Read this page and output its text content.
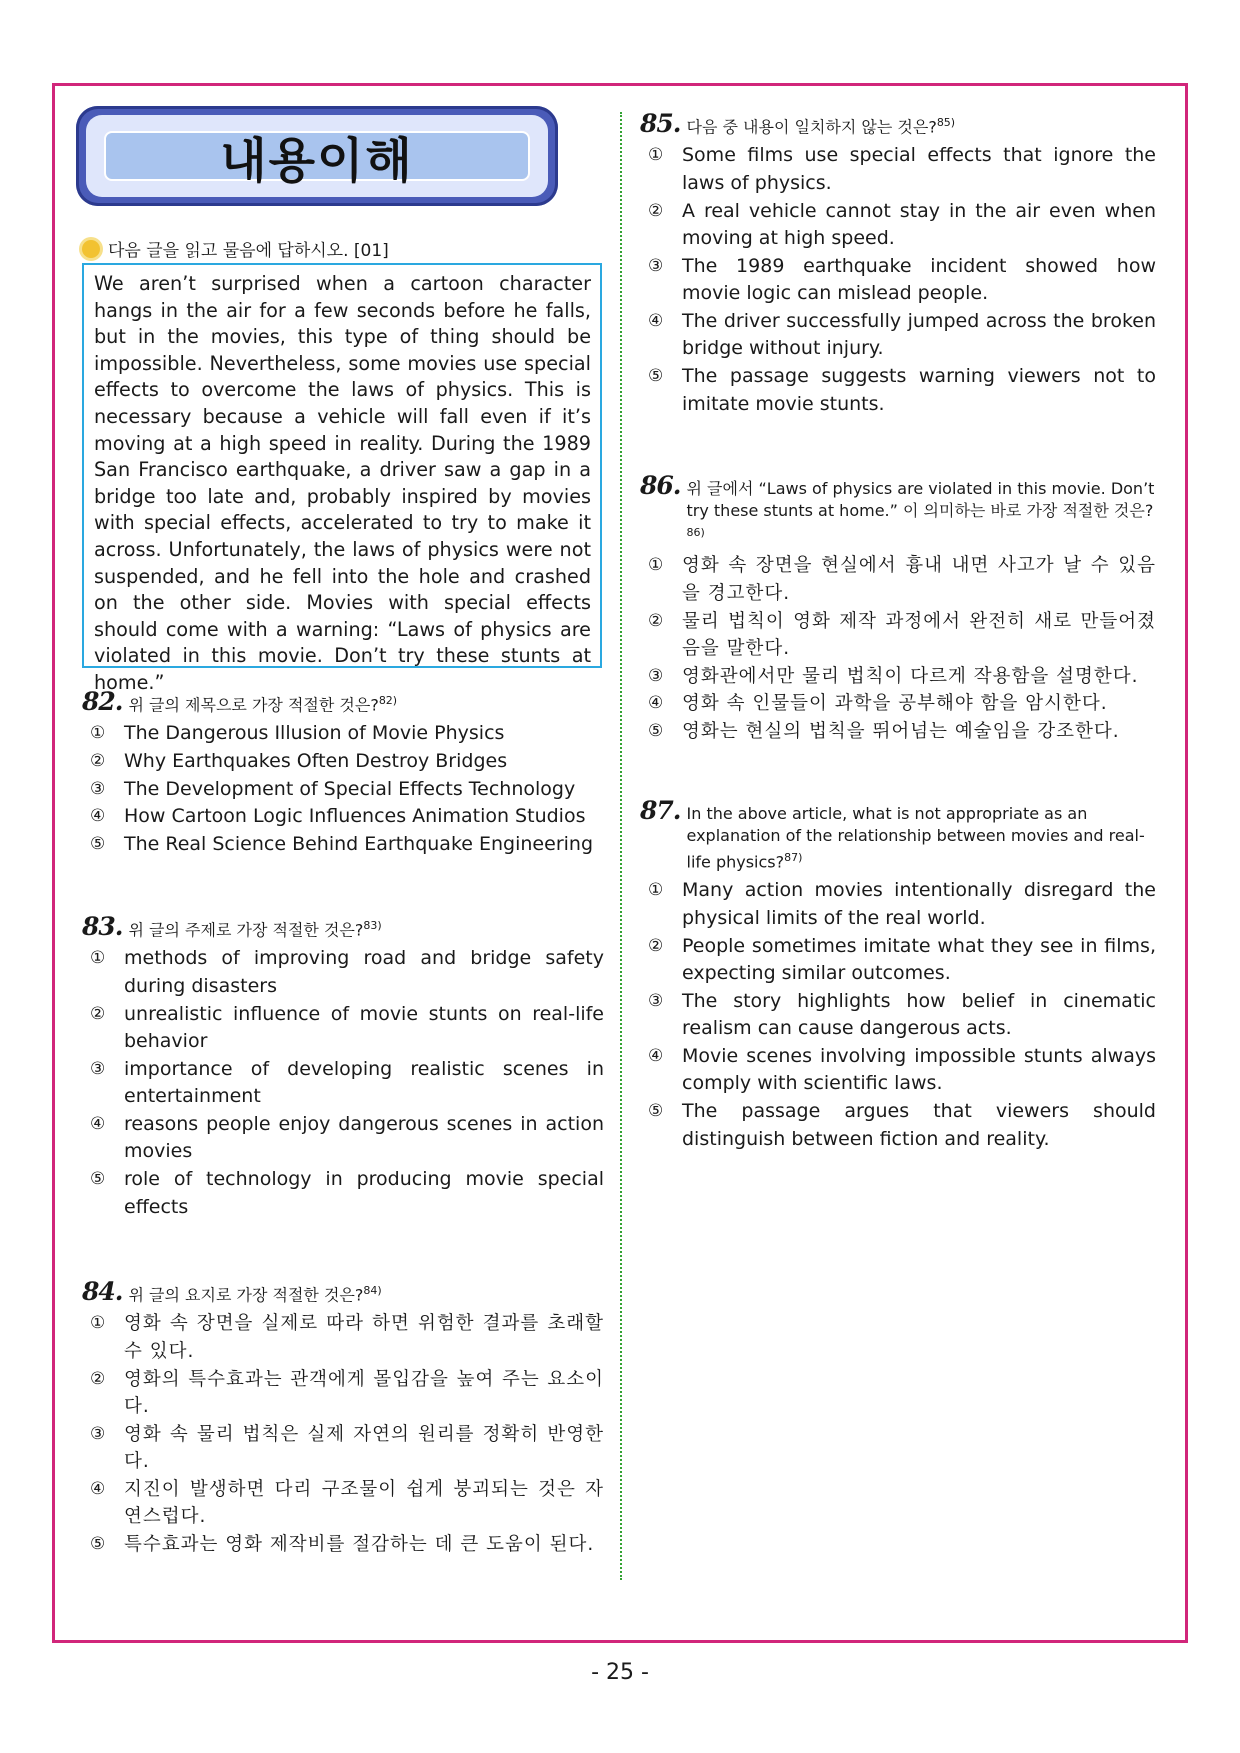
내용이해
다음 글을 읽고 물음에 답하시오. [01]
We aren’t surprised when a cartoon character hangs in the air for a few seconds before he falls, but in the movies, this type of thing should be impossible. Nevertheless, some movies use special effects to overcome the laws of physics. This is necessary because a vehicle will fall even if it’s moving at a high speed in reality. During the 1989 San Francisco earthquake, a driver saw a gap in a bridge too late and, probably inspired by movies with special effects, accelerated to try to make it across. Unfortunately, the laws of physics were not suspended, and he fell into the hole and crashed on the other side. Movies with special effects should come with a warning: “Laws of physics are violated in this movie. Don’t try these stunts at home.”
82. 위 글의 제목으로 가장 적절한 것은?$^{82)}$
① The Dangerous Illusion of Movie Physics
② Why Earthquakes Often Destroy Bridges
③ The Development of Special Effects Technology
④ How Cartoon Logic Influences Animation Studios
⑤ The Real Science Behind Earthquake Engineering
83. 위 글의 주제로 가장 적절한 것은?$^{83)}$
① methods of improving road and bridge safety during disasters
② unrealistic influence of movie stunts on real-life behavior
③ importance of developing realistic scenes in entertainment
④ reasons people enjoy dangerous scenes in action movies
⑤ role of technology in producing movie special effects
84. 위 글의 요지로 가장 적절한 것은?$^{84)}$
① 영화 속 장면을 실제로 따라 하면 위험한 결과를 초래할 수 있다.
② 영화의 특수효과는 관객에게 몰입감을 높여 주는 요소이다.
③ 영화 속 물리 법칙은 실제 자연의 원리를 정확히 반영한다.
④ 지진이 발생하면 다리 구조물이 쉽게 붕괴되는 것은 자연스럽다.
⑤ 특수효과는 영화 제작비를 절감하는 데 큰 도움이 된다.
85. 다음 중 내용이 일치하지 않는 것은?$^{85)}$
① Some films use special effects that ignore the laws of physics.
② A real vehicle cannot stay in the air even when moving at high speed.
③ The 1989 earthquake incident showed how movie logic can mislead people.
④ The driver successfully jumped across the broken bridge without injury.
⑤ The passage suggests warning viewers not to imitate movie stunts.
86. 위 글에서 “Laws of physics are violated in this movie. Don’t try these stunts at home.” 이 의미하는 바로 가장 적절한 것은?$^{86)}$
① 영화 속 장면을 현실에서 흉내 내면 사고가 날 수 있음을 경고한다.
② 물리 법칙이 영화 제작 과정에서 완전히 새로 만들어졌음을 말한다.
③ 영화관에서만 물리 법칙이 다르게 작용함을 설명한다.
④ 영화 속 인물들이 과학을 공부해야 함을 암시한다.
⑤ 영화는 현실의 법칙을 뛰어넘는 예술임을 강조한다.
87. In the above article, what is not appropriate as an explanation of the relationship between movies and real-life physics?$^{87)}$
① Many action movies intentionally disregard the physical limits of the real world.
② People sometimes imitate what they see in films, expecting similar outcomes.
③ The story highlights how belief in cinematic realism can cause dangerous acts.
④ Movie scenes involving impossible stunts always comply with scientific laws.
⑤ The passage argues that viewers should distinguish between fiction and reality.
- 25 -
